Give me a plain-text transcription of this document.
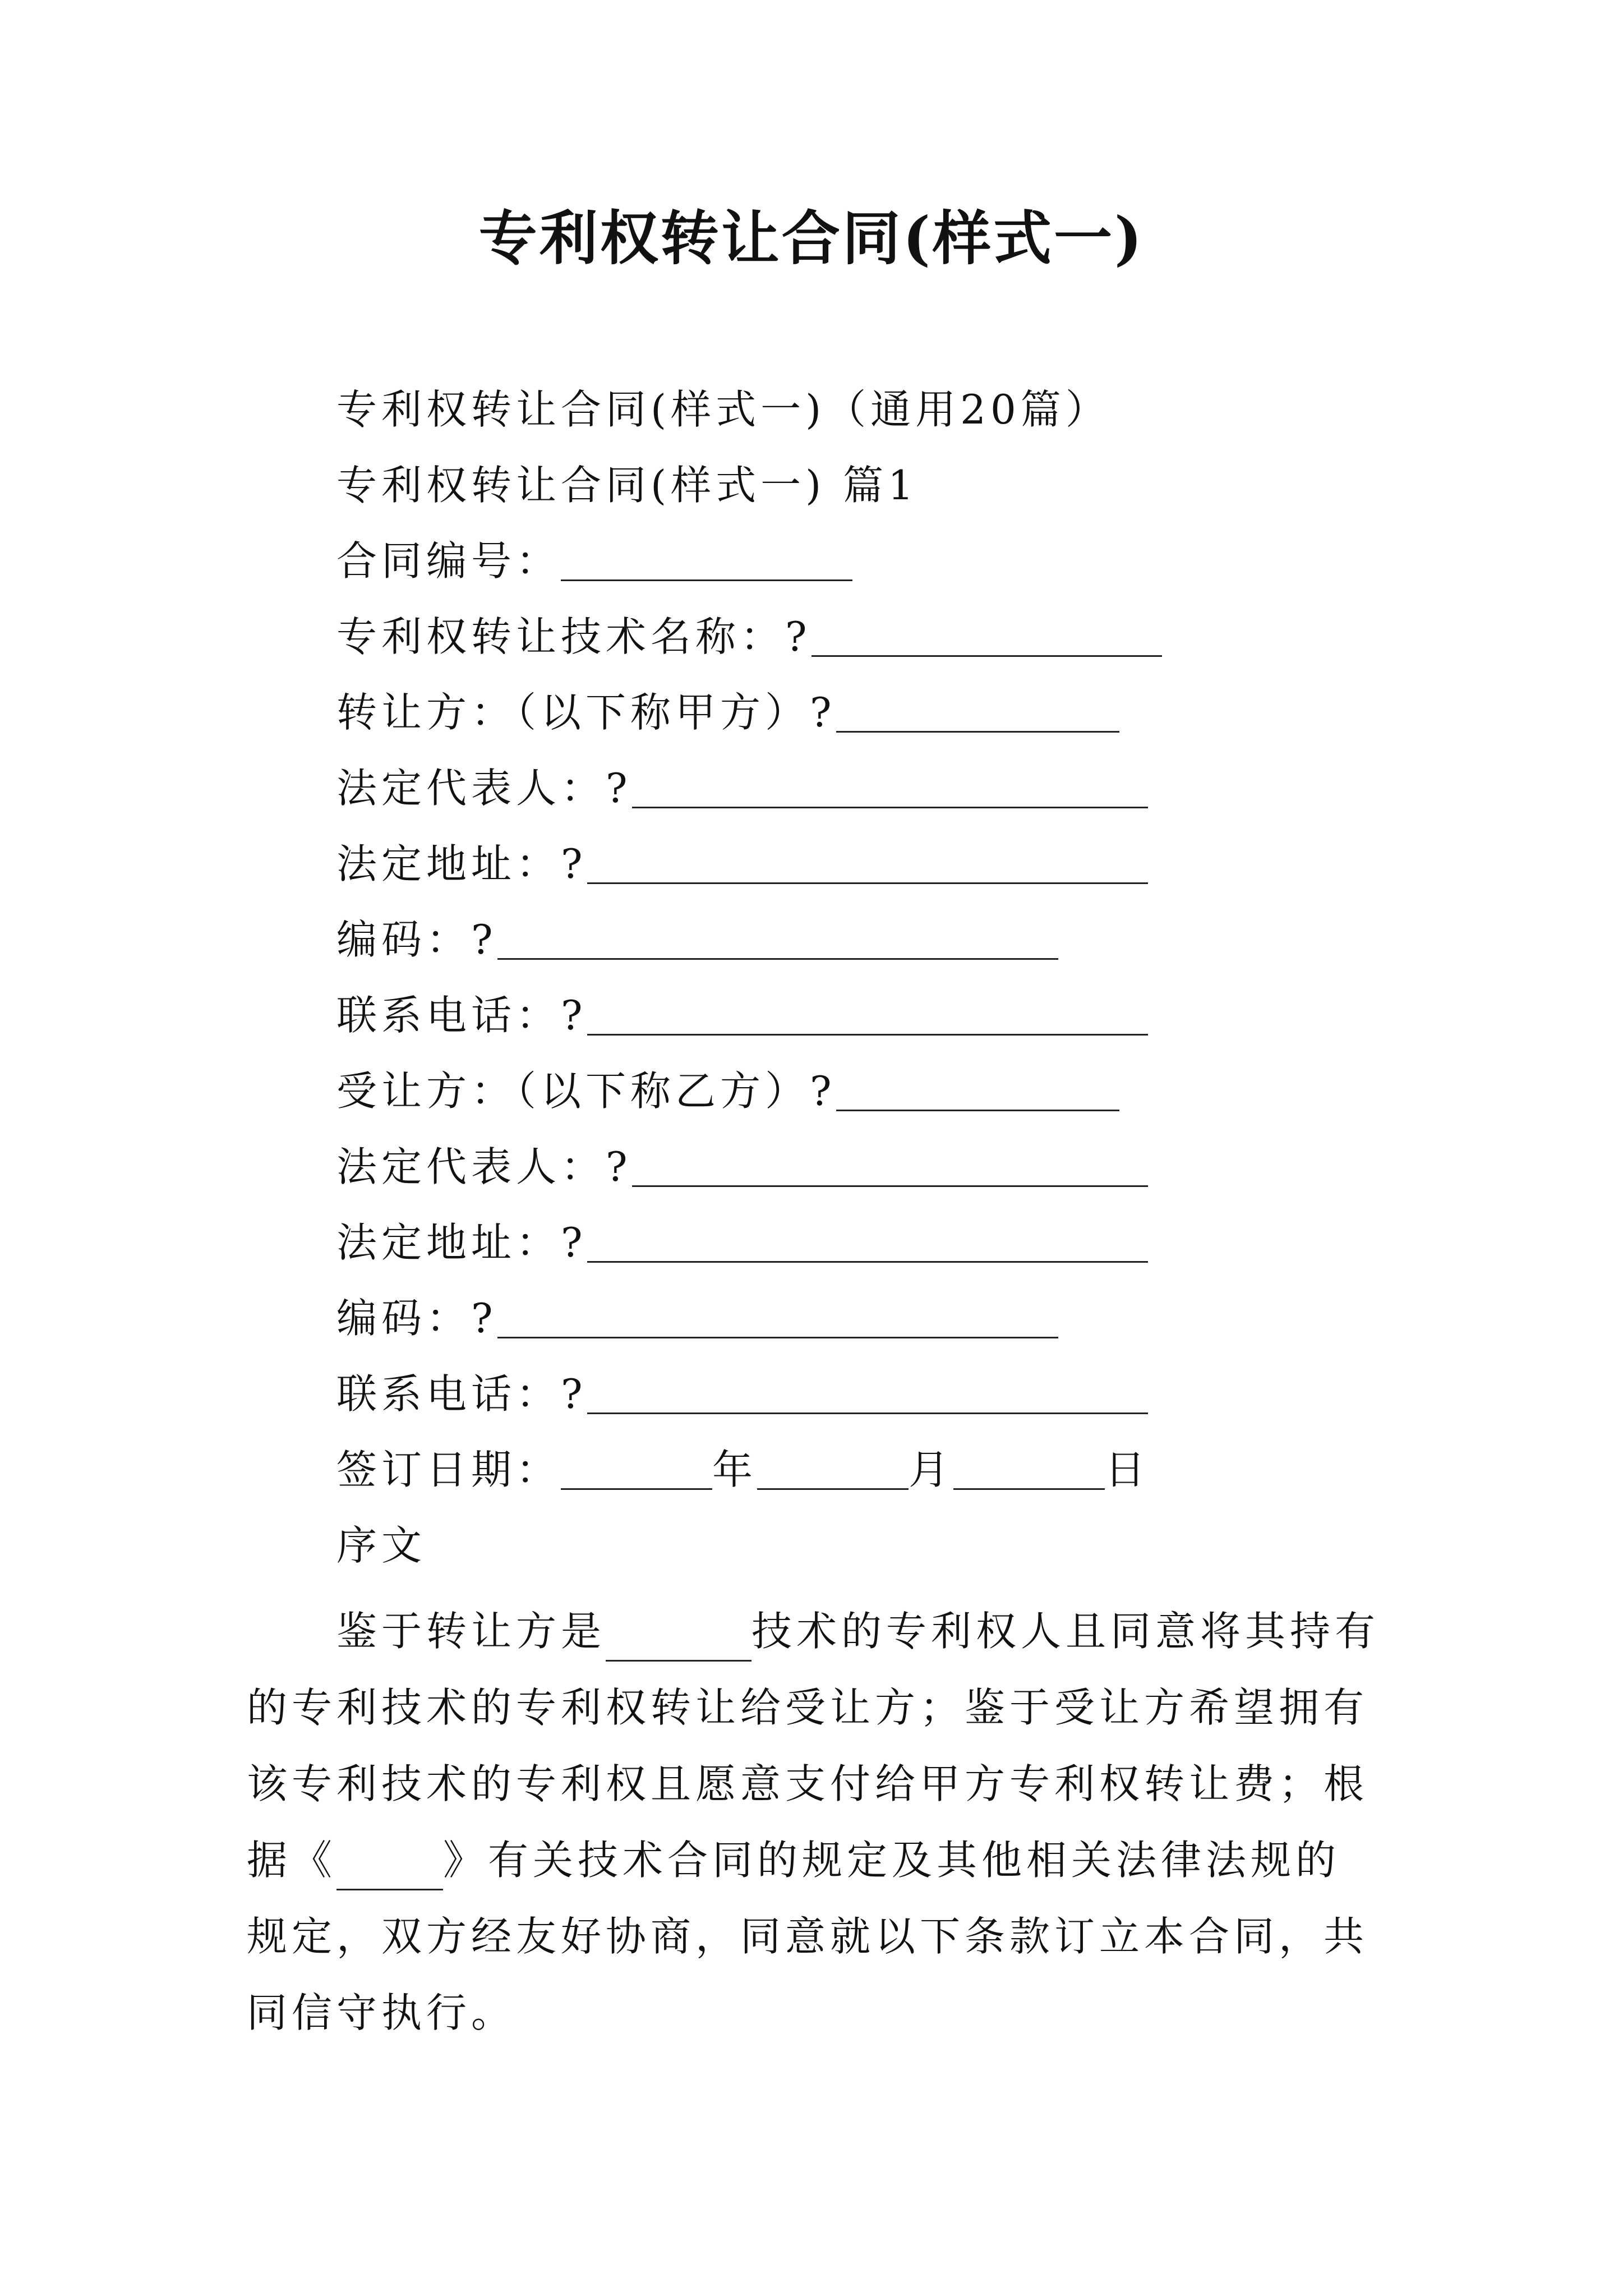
专利权转让合同(样式一)
专利权转让合同(样式一)（通用20篇）
专利权转让合同(样式一) 篇1
合同编号：
专利权转让技术名称：?
转让方：（以下称甲方）?
法定代表人：?
法定地址：?
编码：?
联系电话：?
受让方：（以下称乙方）?
法定代表人：?
法定地址：?
编码：?
联系电话：?
签订日期：	年	月	日
序文

鉴于转让方是	技术的专利权人且同意将其持有的专利技术的专利权转让给受让方；鉴于受让方希望拥有该专利技术的专利权且愿意支付给甲方专利权转让费；根据《	》有关技术合同的规定及其他相关法律法规的规定，双方经友好协商，同意就以下条款订立本合同，共同信守执行。
